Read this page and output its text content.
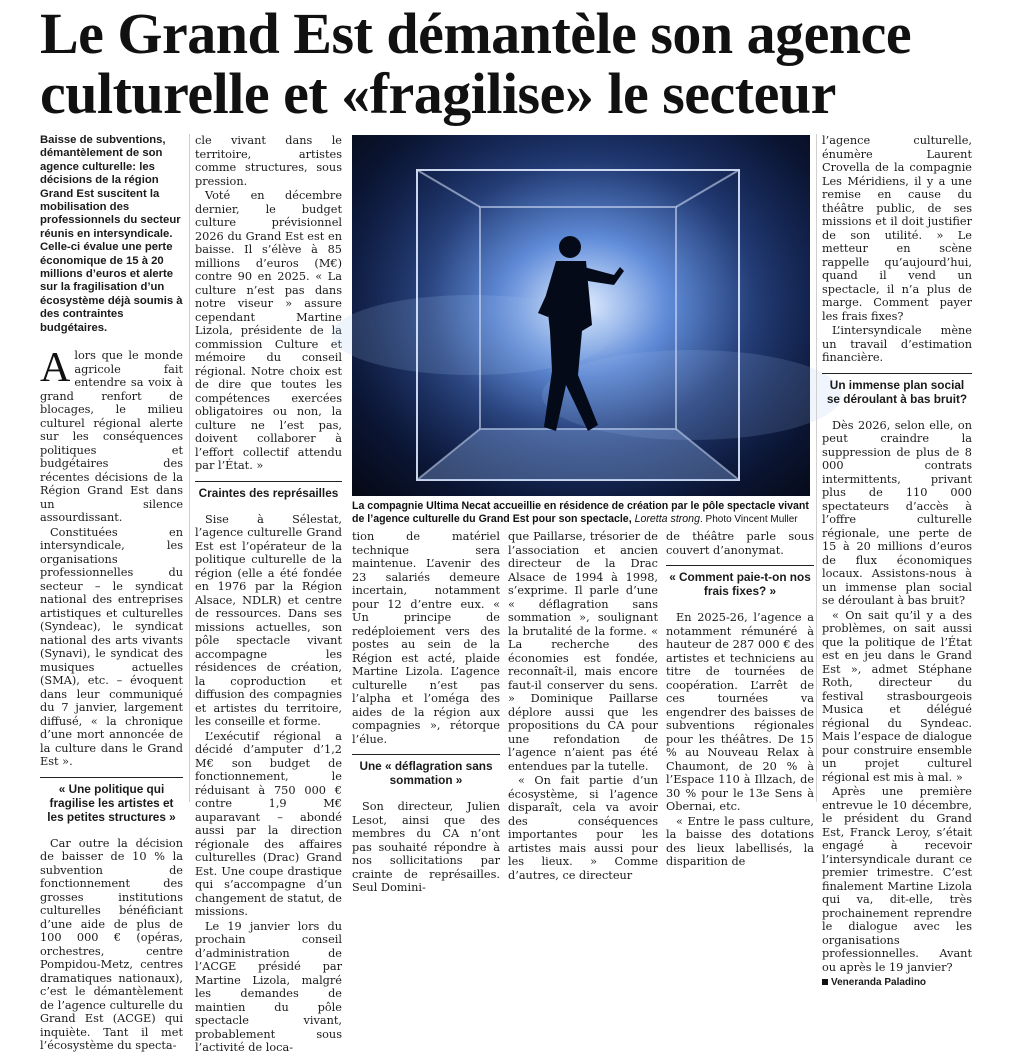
Le Grand Est démantèle son agence culturelle et «fragilise» le secteur
Baisse de subventions, démantèlement de son agence culturelle: les décisions de la région Grand Est suscitent la mobilisation des professionnels du secteur réunis en intersyndicale. Celle-ci évalue une perte économique de 15 à 20 millions d’euros et alerte sur la fragilisation d’un écosystème déjà soumis à des contraintes budgétaires.

Alors que le monde agricole fait entendre sa voix à grand renfort de blocages, le milieu culturel régional alerte sur les conséquences politiques et budgétaires des récentes décisions de la Région Grand Est dans un silence assourdissant.

Constituées en intersyndicale, les organisations professionnelles du secteur – le syndicat national des entreprises artistiques et culturelles (Syndeac), le syndicat national des arts vivants (Synavi), le syndicat des musiques actuelles (SMA), etc. – évoquent dans leur communiqué du 7 janvier, largement diffusé, « la chronique d’une mort annoncée de la culture dans le Grand Est ».

« Une politique qui fragilise les artistes et les petites structures »

Car outre la décision de baisser de 10 % la subvention de fonctionnement des grosses institutions culturelles bénéficiant d’une aide de plus de 100 000 € (opéras, orchestres, centre Pompidou-Metz, centres dramatiques nationaux), c’est le démantèlement de l’agence culturelle du Grand Est (ACGE) qui inquiète. Tant il met l’écosystème du specta-

cle vivant dans le territoire, artistes comme structures, sous pression.

Voté en décembre dernier, le budget culture prévisionnel 2026 du Grand Est est en baisse. Il s’élève à 85 millions d’euros (M€) contre 90 en 2025. « La culture n’est pas dans notre viseur » assure cependant Martine Lizola, présidente de la commission Culture et mémoire du conseil régional. Notre choix est de dire que toutes les compétences exercées obligatoires ou non, la culture ne l’est pas, doivent collaborer à l’effort collectif attendu par l’État. »

Craintes des représailles

Sise à Sélestat, l’agence culturelle Grand Est est l’opérateur de la politique culturelle de la région (elle a été fondée en 1976 par la Région Alsace, NDLR) et centre de ressources. Dans ses missions actuelles, son pôle spectacle vivant accompagne les résidences de création, la coproduction et diffusion des compagnies et artistes du territoire, les conseille et forme.

L’exécutif régional a décidé d’amputer d’1,2 M€ son budget de fonctionnement, le réduisant à 750 000 € contre 1,9 M€ auparavant – abondé aussi par la direction régionale des affaires culturelles (Drac) Grand Est. Une coupe drastique qui s’accompagne d’un changement de statut, de missions.

Le 19 janvier lors du prochain conseil d’administration de l’ACGE présidé par Martine Lizola, malgré les demandes de maintien du pôle spectacle vivant, probablement sous l’activité de loca-

La compagnie Ultima Necat accueillie en résidence de création par le pôle spectacle vivant de l’agence culturelle du Grand Est pour son spectacle, Loretta strong. Photo Vincent Muller

tion de matériel technique sera maintenue. L’avenir des 23 salariés demeure incertain, notamment pour 12 d’entre eux. « Un principe de redéploiement vers des postes au sein de la Région est acté, plaide Martine Lizola. L’agence culturelle n’est pas l’alpha et l’oméga des aides de la région aux compagnies », rétorque l’élue.

Une « déflagration sans sommation »

Son directeur, Julien Lesot, ainsi que des membres du CA n’ont pas souhaité répondre à nos sollicitations par crainte de représailles. Seul Domini-

que Paillarse, trésorier de l’association et ancien directeur de la Drac Alsace de 1994 à 1998, s’exprime. Il parle d’une « déflagration sans sommation », soulignant la brutalité de la forme. « La recherche des économies est fondée, reconnaît-il, mais encore faut-il conserver du sens. » Dominique Paillarse déplore aussi que les propositions du CA pour une refondation de l’agence n’aient pas été entendues par la tutelle.

« On fait partie d’un écosystème, si l’agence disparaît, cela va avoir des conséquences importantes pour les artistes mais aussi pour les lieux. » Comme d’autres, ce directeur

de théâtre parle sous couvert d’anonymat.

« Comment paie-t-on nos frais fixes? »

En 2025-26, l’agence a notamment rémunéré à hauteur de 287 000 € des artistes et techniciens au titre de tournées de coopération. L’arrêt de ces tournées va engendrer des baisses de subventions régionales pour les théâtres. De 15 % au Nouveau Relax à Chaumont, de 20 % à l’Espace 110 à Illzach, de 30 % pour le 13e Sens à Obernai, etc.

« Entre le pass culture, la baisse des dotations des lieux labellisés, la disparition de

l’agence culturelle, énumère Laurent Crovella de la compagnie Les Méridiens, il y a une remise en cause du théâtre public, de ses missions et il doit justifier de son utilité. » Le metteur en scène rappelle qu’aujourd’hui, quand il vend un spectacle, il n’a plus de marge. Comment payer les frais fixes?

L’intersyndicale mène un travail d’estimation financière.

Un immense plan social se déroulant à bas bruit?

Dès 2026, selon elle, on peut craindre la suppression de plus de 8 000 contrats intermittents, privant plus de 110 000 spectateurs d’accès à l’offre culturelle régionale, une perte de 15 à 20 millions d’euros de flux économiques locaux. Assistons-nous à un immense plan social se déroulant à bas bruit?

« On sait qu’il y a des problèmes, on sait aussi que la politique de l’État est en jeu dans le Grand Est », admet Stéphane Roth, directeur du festival strasbourgeois Musica et délégué régional du Syndeac. Mais l’espace de dialogue pour construire ensemble un projet culturel régional est mis à mal. »

Après une première entrevue le 10 décembre, le président du Grand Est, Franck Leroy, s’était engagé à recevoir l’intersyndicale durant ce premier trimestre. C’est finalement Martine Lizola qui va, dit-elle, très prochainement reprendre le dialogue avec les organisations professionnelles. Avant ou après le 19 janvier?

Veneranda Paladino
